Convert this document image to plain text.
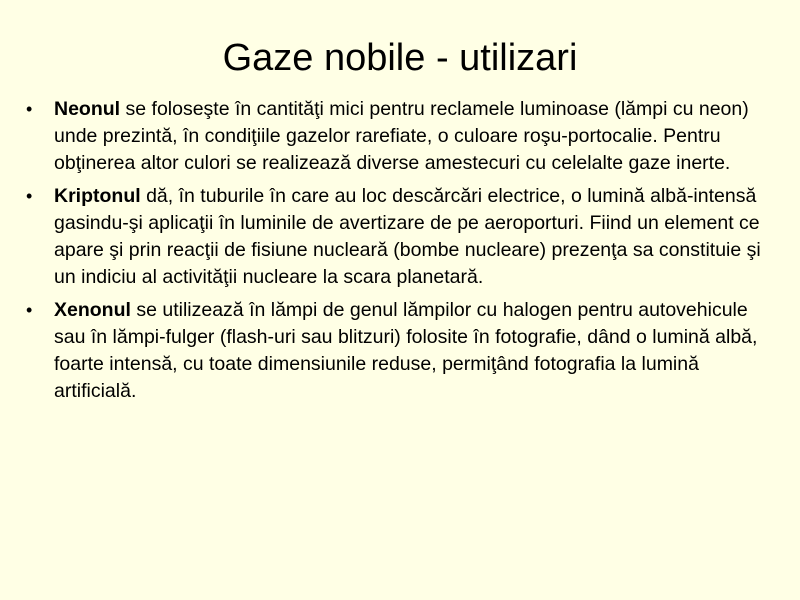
Gaze nobile - utilizari
• Neonul se foloseşte în cantităţi mici pentru reclamele luminoase (lămpi cu neon) unde prezintă, în condiţiile gazelor rarefiate, o culoare roşu-portocalie. Pentru obţinerea altor culori se realizează diverse amestecuri cu celelalte gaze inerte.
• Kriptonul dă, în tuburile în care au loc descărcări electrice, o lumină albă-intensă gasindu-şi aplicaţii în luminile de avertizare de pe aeroporturi. Fiind un element ce apare şi prin reacţii de fisiune nucleară (bombe nucleare) prezenţa sa constituie şi un indiciu al activităţii nucleare la scara planetară.
• Xenonul se utilizează în lămpi de genul lămpilor cu halogen pentru autovehicule sau în lămpi-fulger (flash-uri sau blitzuri) folosite în fotografie, dând o lumină albă, foarte intensă, cu toate dimensiunile reduse, permiţând fotografia la lumină artificială.
